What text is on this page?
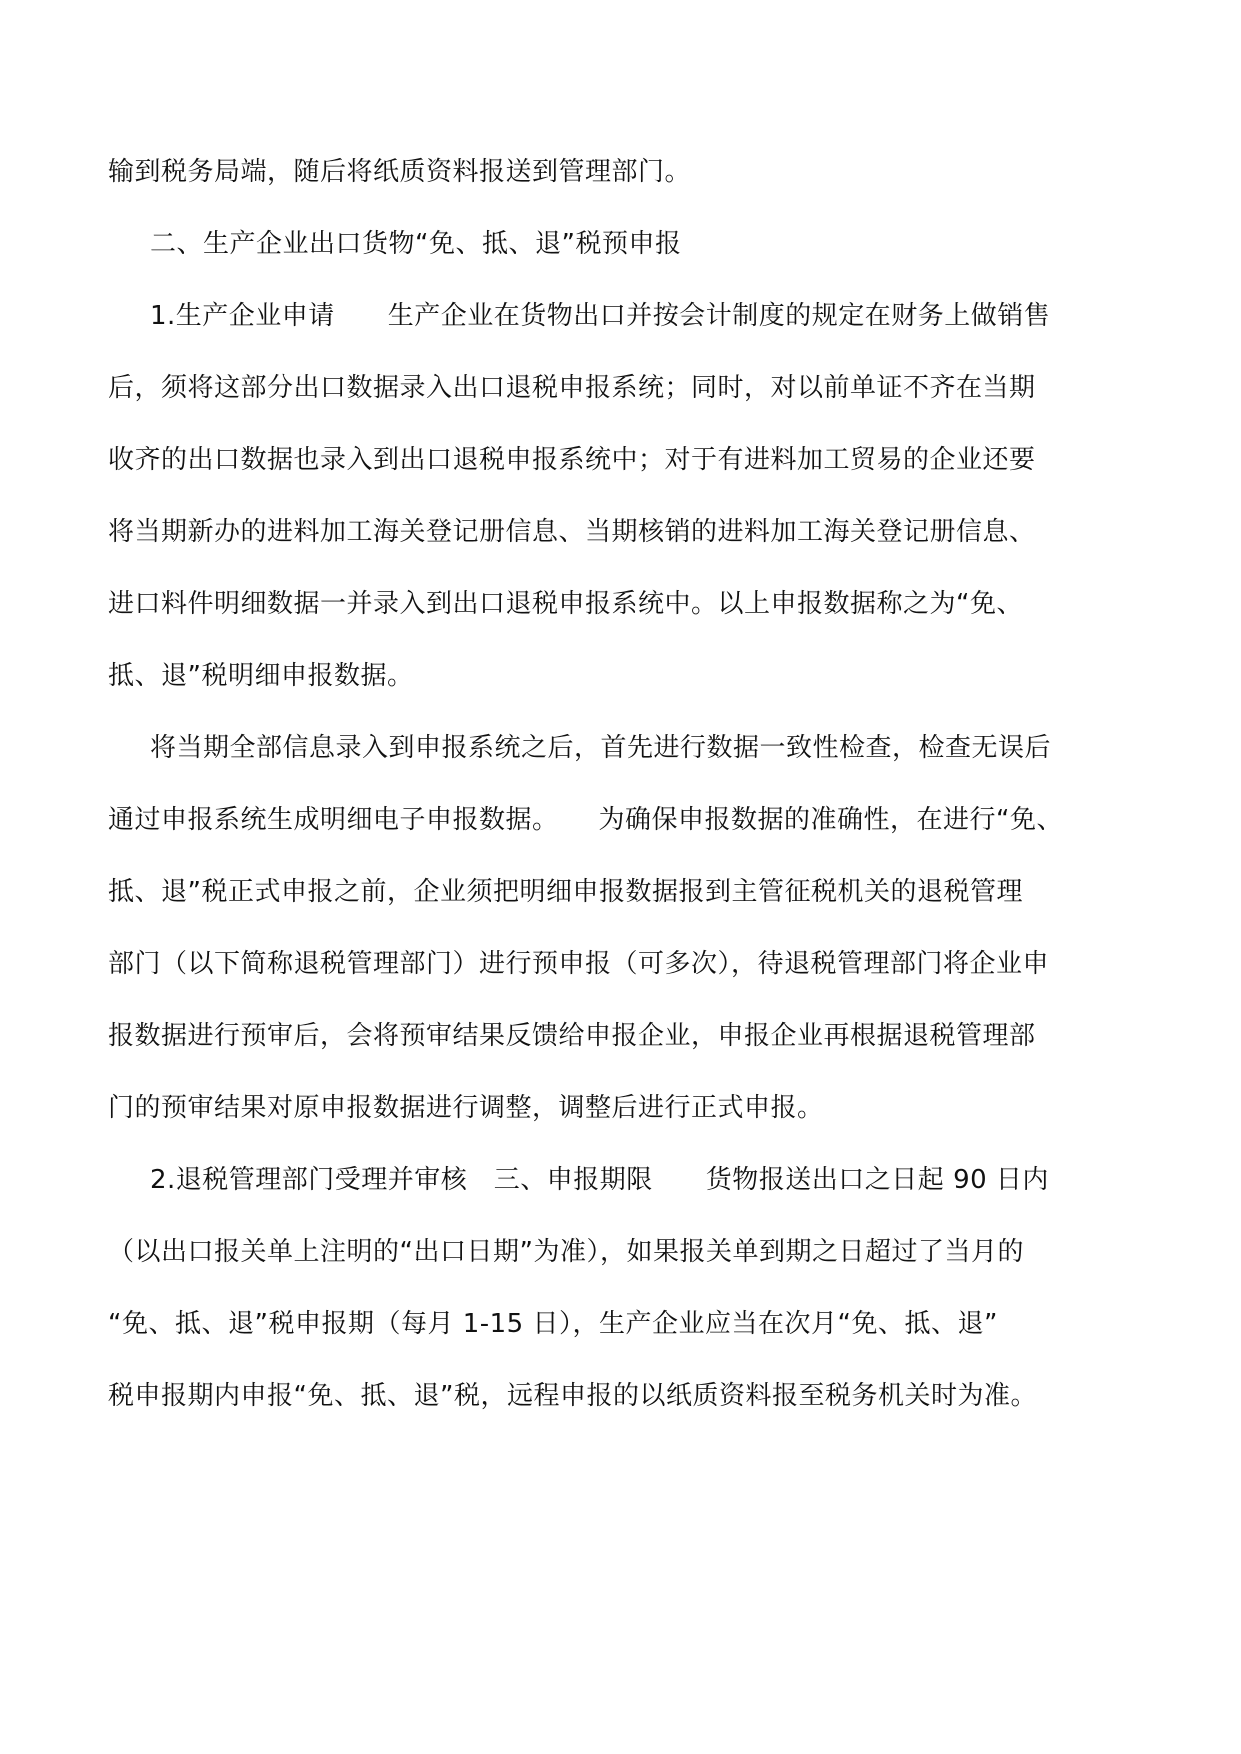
输到税务局端，随后将纸质资料报送到管理部门。
二、生产企业出口货物“免、抵、退”税预申报
1.生产企业申请　　生产企业在货物出口并按会计制度的规定在财务上做销售
后，须将这部分出口数据录入出口退税申报系统；同时，对以前单证不齐在当期
收齐的出口数据也录入到出口退税申报系统中；对于有进料加工贸易的企业还要
将当期新办的进料加工海关登记册信息、当期核销的进料加工海关登记册信息、
进口料件明细数据一并录入到出口退税申报系统中。以上申报数据称之为“免、
抵、退”税明细申报数据。
将当期全部信息录入到申报系统之后，首先进行数据一致性检查，检查无误后
通过申报系统生成明细电子申报数据。　　为确保申报数据的准确性，在进行“免、
抵、退”税正式申报之前，企业须把明细申报数据报到主管征税机关的退税管理
部门（以下简称退税管理部门）进行预申报（可多次），待退税管理部门将企业申
报数据进行预审后，会将预审结果反馈给申报企业，申报企业再根据退税管理部
门的预审结果对原申报数据进行调整，调整后进行正式申报。
2.退税管理部门受理并审核　三、申报期限　　货物报送出口之日起 90 日内
（以出口报关单上注明的“出口日期”为准），如果报关单到期之日超过了当月的
“免、抵、退”税申报期（每月 1-15 日），生产企业应当在次月“免、抵、退”
税申报期内申报“免、抵、退”税，远程申报的以纸质资料报至税务机关时为准。
